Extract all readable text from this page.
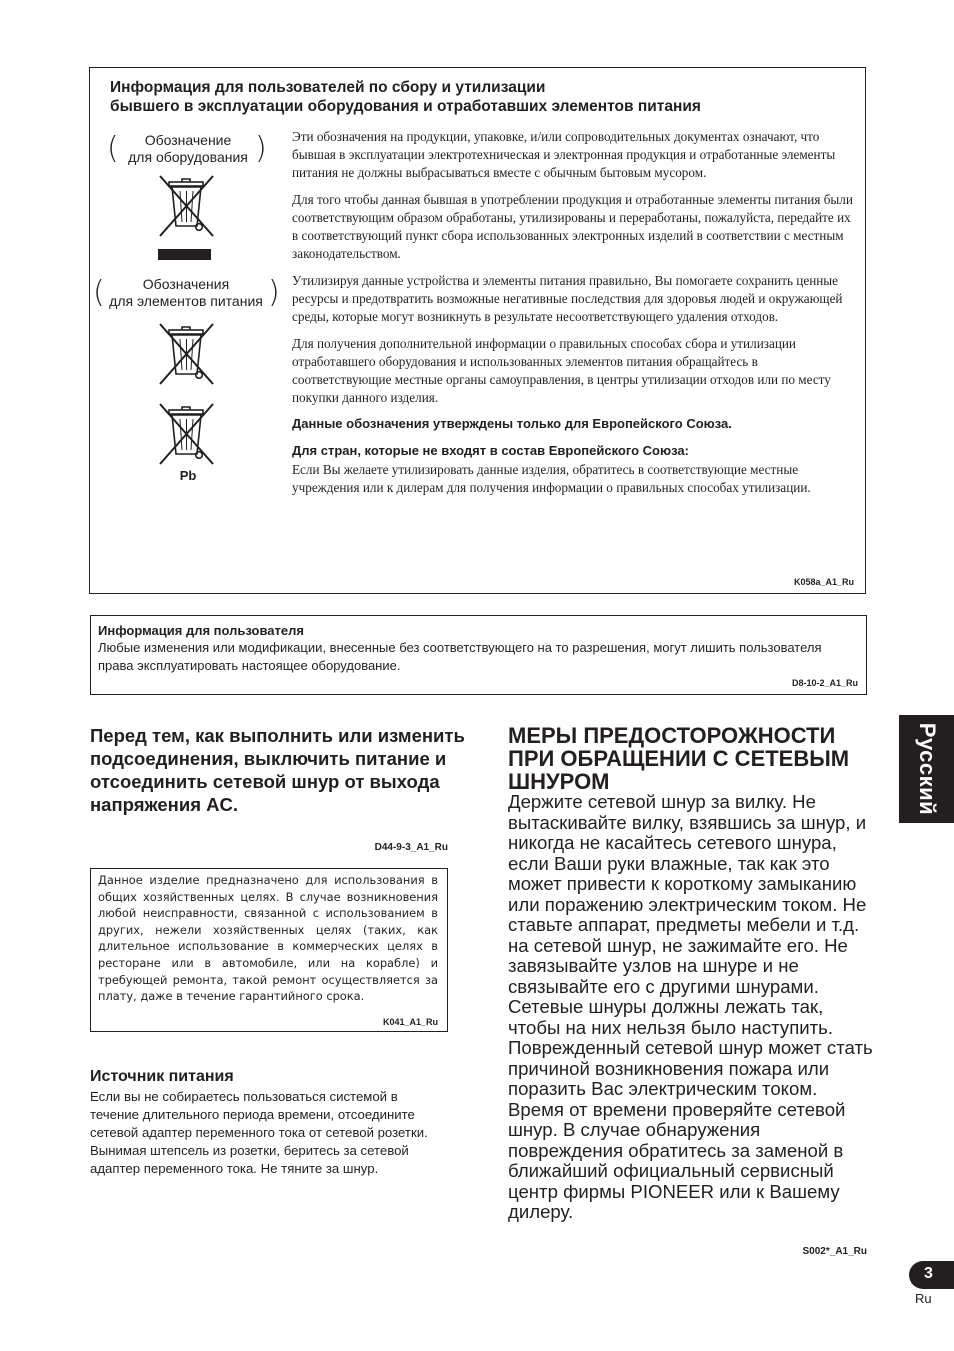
Информация для пользователей по сбору и утилизации
бывшего в эксплуатации оборудования и отработавших элементов питания
(	Обозначение
для оборудования )
(	Обозначения
для элементов питания )
Pb

Эти обозначения на продукции, упаковке, и/или сопроводительных документах означают, что бывшая в эксплуатации электротехническая и электронная продукция и отработанные элементы питания не должны выбрасываться вместе с обычным бытовым мусором.

Для того чтобы данная бывшая в употреблении продукция и отработанные элементы питания были соответствующим образом обработаны, утилизированы и переработаны, пожалуйста, передайте их в соответствующий пункт сбора использованных электронных изделий в соответствии с местным законодательством.

Утилизируя данные устройства и элементы питания правильно, Вы помогаете сохранить ценные ресурсы и предотвратить возможные негативные последствия для здоровья людей и окружающей среды, которые могут возникнуть в результате несоответствующего удаления отходов.

Для получения дополнительной информации о правильных способах сбора и утилизации отработавшего оборудования и использованных элементов питания обращайтесь в соответствующие местные органы самоуправления, в центры утилизации отходов или по месту покупки данного изделия.

Данные обозначения утверждены только для Европейского Союза.

Для стран, которые не входят в состав Европейского Союза:

Если Вы желаете утилизировать данные изделия, обратитесь в соответствующие местные учреждения или к дилерам для получения информации о правильных способах утилизации.

K058a_A1_Ru
Информация для пользователя
Любые изменения или модификации, внесенные без соответствующего на то разрешения, могут лишить пользователя права эксплуатировать настоящее оборудование.
D8-10-2_A1_Ru
Перед тем, как выполнить или изменить подсоединения, выключить питание и отсоединить сетевой шнур от выхода напряжения AC.
D44-9-3_A1_Ru
Данное изделие предназначено для использования в общих хозяйственных целях. В случае возникновения любой неисправности, связанной с использованием в других, нежели хозяйственных целях (таких, как длительное использование в коммерческих целях в ресторане или в автомобиле, или на корабле) и требующей ремонта, такой ремонт осуществляется за плату, даже в течение гарантийного срока.
K041_A1_Ru
Источник питания
Если вы не собираетесь пользоваться системой в течение длительного периода времени, отсоедините сетевой адаптер переменного тока от сетевой розетки. Вынимая штепсель из розетки, беритесь за сетевой адаптер переменного тока. Не тяните за шнур.
МЕРЫ ПРЕДОСТОРОЖНОСТИ ПРИ ОБРАЩЕНИИ С СЕТЕВЫМ ШНУРОМ
Держите сетевой шнур за вилку. Не вытаскивайте вилку, взявшись за шнур, и никогда не касайтесь сетевого шнура, если Ваши руки влажные, так как это может привести к короткому замыканию или поражению электрическим током. Не ставьте аппарат, предметы мебели и т.д. на сетевой шнур, не зажимайте его. Не завязывайте узлов на шнуре и не связывайте его с другими шнурами. Сетевые шнуры должны лежать так, чтобы на них нельзя было наступить. Поврежденный сетевой шнур может стать причиной возникновения пожара или поразить Вас электрическим током. Время от времени проверяйте сетевой шнур. В случае обнаружения повреждения обратитесь за заменой в ближайший официальный сервисный центр фирмы PIONEER или к Вашему дилеру.
S002*_A1_Ru
Русский
3
Ru
